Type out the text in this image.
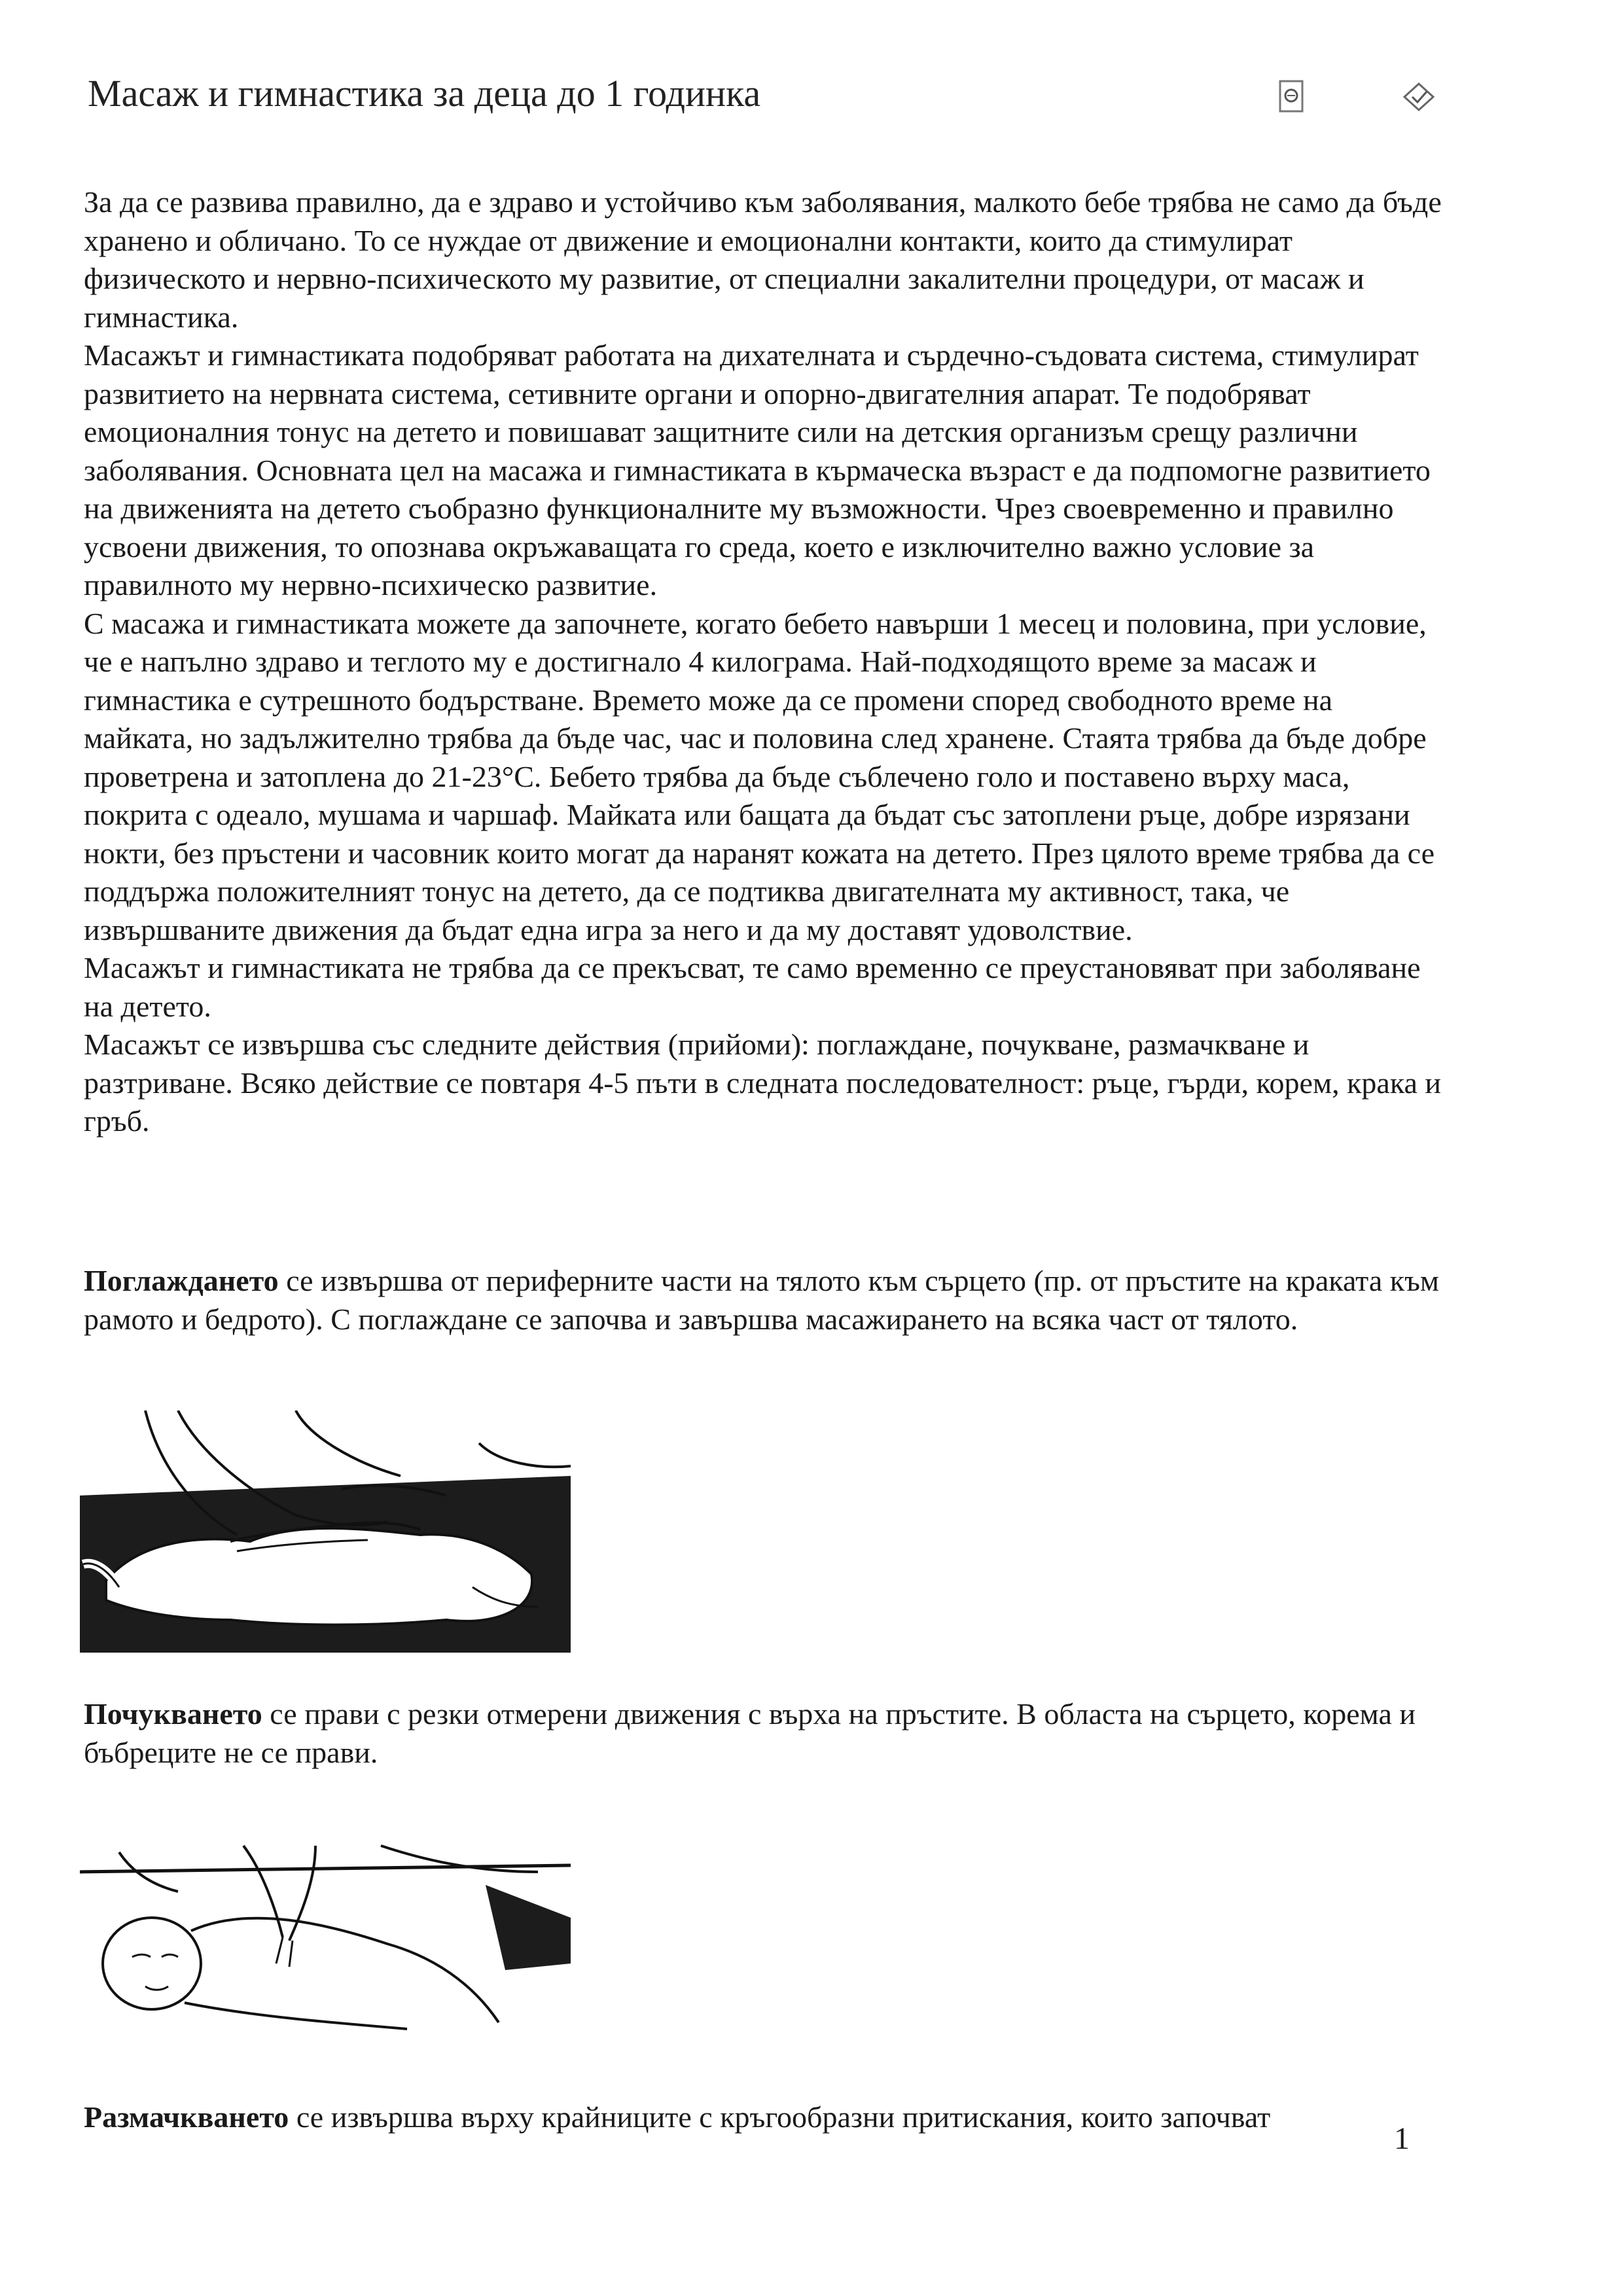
Масаж и гимнастика за деца до 1 годинка

За да се развива правилно, да е здраво и устойчиво към заболявания, малкото бебе трябва не само да бъде хранено и обличано. То се нуждае от движение и емоционални контакти, които да стимулират физическото и нервно-психическото му развитие, от специални закалителни процедури, от масаж и гимнастика.

Масажът и гимнастиката подобряват работата на дихателната и сърдечно-съдовата система, стимулират развитието на нервната система, сетивните органи и опорно-двигателния апарат. Те подобряват емоционалния тонус на детето и повишават защитните сили на детския организъм срещу различни заболявания. Основната цел на масажа и гимнастиката в кърмаческа възраст е да подпомогне развитието на движенията на детето съобразно функционалните му възможности. Чрез своевременно и правилно усвоени движения, то опознава окръжаващата го среда, което е изключително важно условие за правилното му нервно-психическо развитие.

С масажа и гимнастиката можете да започнете, когато бебето навърши 1 месец и половина, при условие, че е напълно здраво и теглото му е достигнало 4 килограма. Най-подходящото време за масаж и гимнастика е сутрешното бодърстване. Времето може да се промени според свободното време на майката, но задължително трябва да бъде час, час и половина след хранене. Стаята трябва да бъде добре проветрена и затоплена до 21-23°С. Бебето трябва да бъде съблечено голо и поставено върху маса, покрита с одеало, мушама и чаршаф. Майката или бащата да бъдат със затоплени ръце, добре изрязани нокти, без пръстени и часовник които могат да наранят кожата на детето. През цялото време трябва да се поддържа положителният тонус на детето, да се подтиква двигателната му активност, така, че извършваните движения да бъдат една игра за него и да му доставят удоволствие.

Масажът и гимнастиката не трябва да се прекъсват, те само временно се преустановяват при заболяване на детето.

Масажът се извършва със следните действия (прийоми): поглаждане, почукване, размачкване и разтриване. Всяко действие се повтаря 4-5 пъти в следната последователност: ръце, гърди, корем, крака и гръб.

Поглаждането се извършва от периферните части на тялото към сърцето (пр. от пръстите на краката към рамото и бедрото). С поглаждане се започва и завършва масажирането на всяка част от тялото.

Почукването се прави с резки отмерени движения с върха на пръстите. В областа на сърцето, корема и бъбреците не се прави.

Размачкването се извършва върху крайниците с кръгообразни притискания, които започват

1
